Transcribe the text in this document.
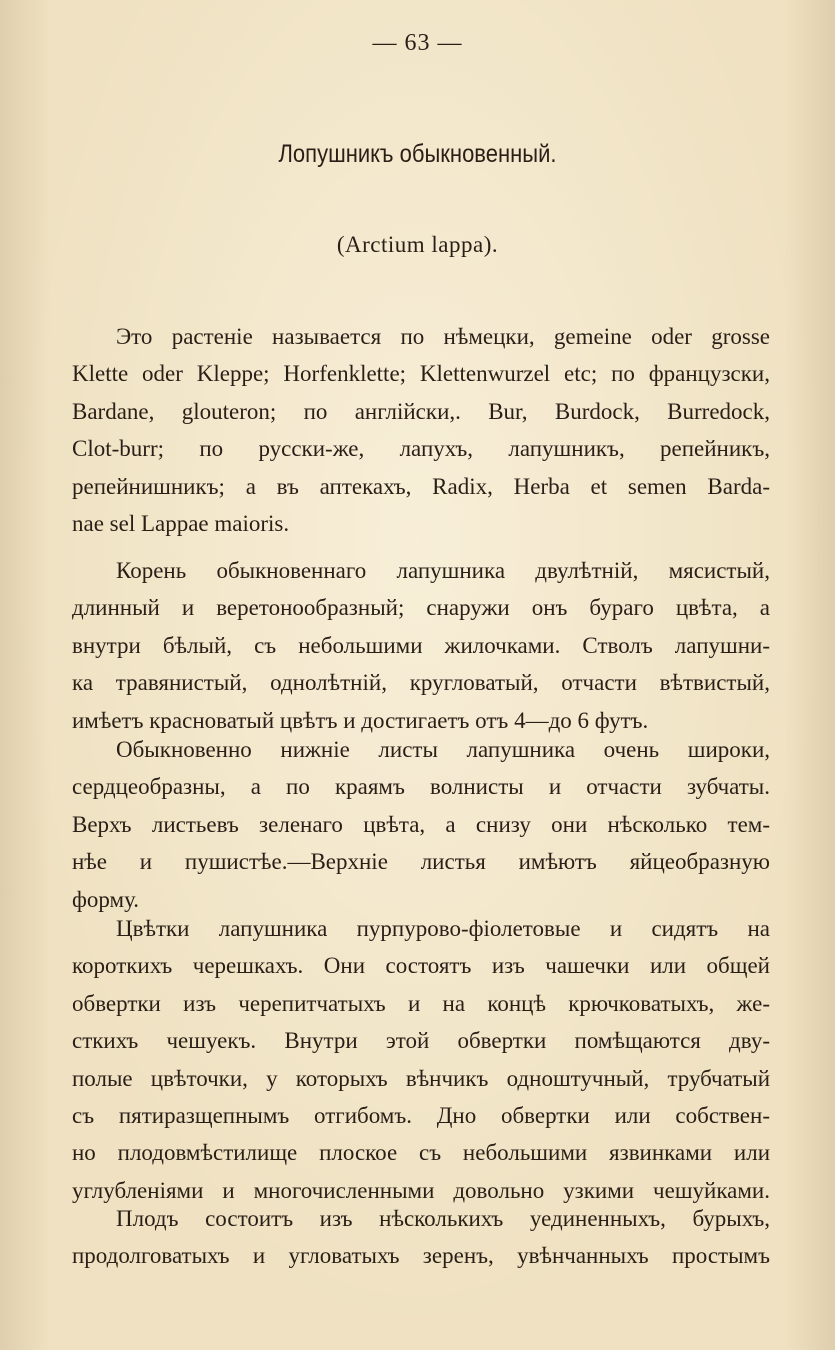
— 63 —
Лопушникъ обыкновенный.
(Arctium lappa).
Это растеніе называется по нѣмецки, gemeine oder grosse
Klette oder Kleppe; Horfenklette; Klettenwurzel etc; по французски,
Bardane, glouteron; по англійски,. Bur, Burdock, Burredock,
Clot-burr; по русски-же, лапухъ, лапушникъ, репейникъ,
репейнишникъ; а въ аптекахъ, Radix, Herba et semen Barda-
nae sel Lappae maioris.
Корень обыкновеннаго лапушника двулѣтній, мясистый,
длинный и веретонообразный; снаружи онъ бураго цвѣта, а
внутри бѣлый, съ небольшими жилочками. Стволъ лапушни-
ка травянистый, однолѣтній, кругловатый, отчасти вѣтвистый,
имѣетъ красноватый цвѣтъ и достигаетъ отъ 4—до 6 футъ.
Обыкновенно нижніе листы лапушника очень широки,
сердцеобразны, а по краямъ волнисты и отчасти зубчаты.
Верхъ листьевъ зеленаго цвѣта, а снизу они нѣсколько тем-
нѣе и пушистѣе.—Верхніе листья имѣютъ яйцеобразную
форму.
Цвѣтки лапушника пурпурово-фіолетовые и сидятъ на
короткихъ черешкахъ. Они состоятъ изъ чашечки или общей
обвертки изъ черепитчатыхъ и на концѣ крючковатыхъ, же-
сткихъ чешуекъ. Внутри этой обвертки помѣщаются дву-
полые цвѣточки, у которыхъ вѣнчикъ одноштучный, трубчатый
съ пятиразщепнымъ отгибомъ. Дно обвертки или собствен-
но плодовмѣстилище плоское съ небольшими язвинками или
углубленіями и многочисленными довольно узкими чешуйками.
Плодъ состоитъ изъ нѣсколькихъ уединенныхъ, бурыхъ,
продолговатыхъ и угловатыхъ зеренъ, увѣнчанныхъ простымъ
